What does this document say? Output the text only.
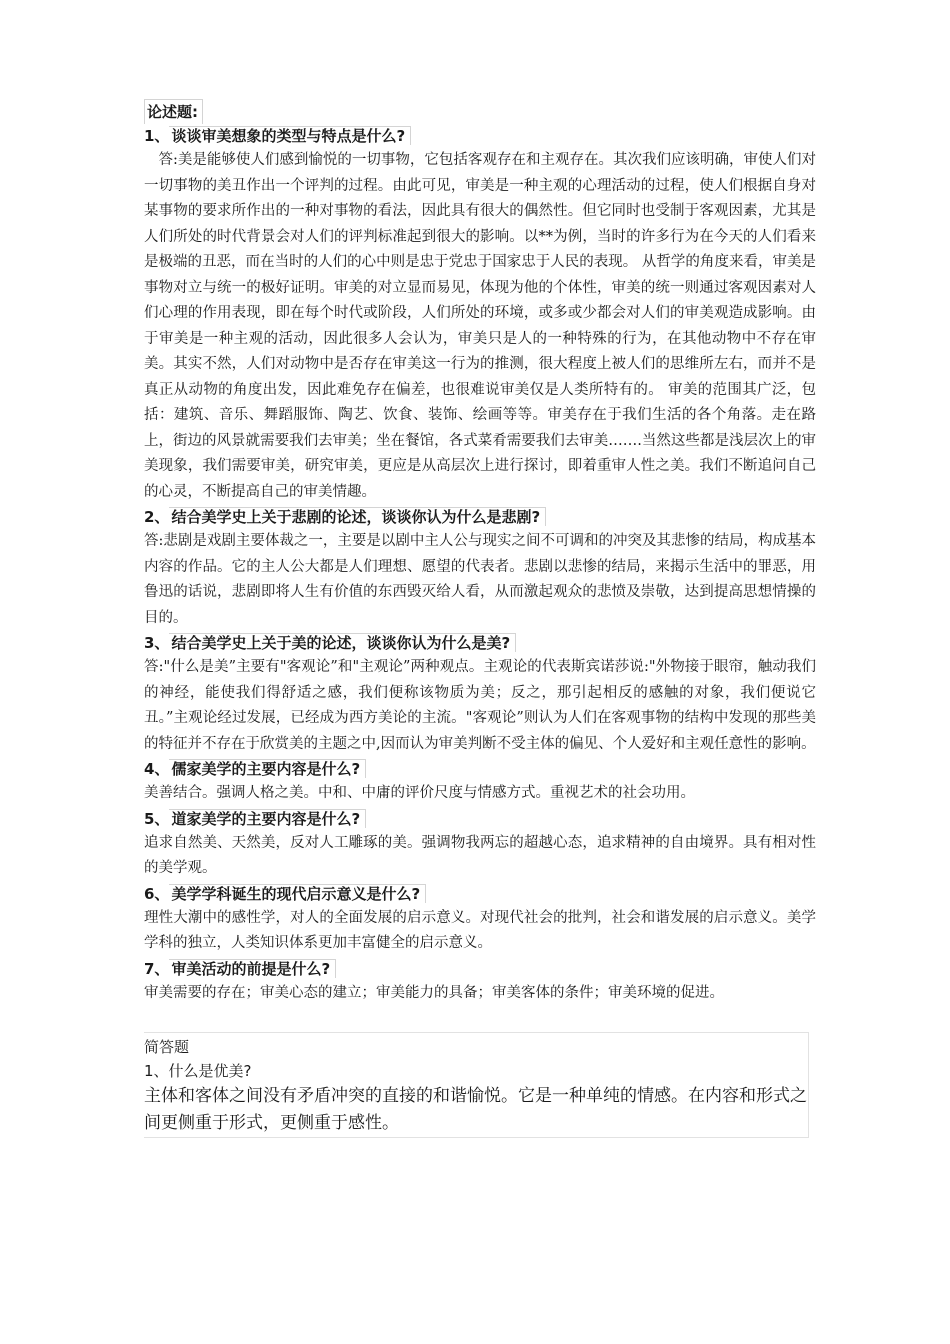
论述题:
1、 谈谈审美想象的类型与特点是什么?

答:美是能够使人们感到愉悦的一切事物，它包括客观存在和主观存在。其次我们应该明确，审使人们对一切事物的美丑作出一个评判的过程。由此可见，审美是一种主观的心理活动的过程，使人们根据自身对某事物的要求所作出的一种对事物的看法，因此具有很大的偶然性。但它同时也受制于客观因素，尤其是人们所处的时代背景会对人们的评判标准起到很大的影响。以**为例，当时的许多行为在今天的人们看来是极端的丑恶，而在当时的人们的心中则是忠于党忠于国家忠于人民的表现。 从哲学的角度来看，审美是事物对立与统一的极好证明。审美的对立显而易见，体现为他的个体性，审美的统一则通过客观因素对人们心理的作用表现，即在每个时代或阶段，人们所处的环境，或多或少都会对人们的审美观造成影响。由于审美是一种主观的活动，因此很多人会认为，审美只是人的一种特殊的行为，在其他动物中不存在审美。其实不然，人们对动物中是否存在审美这一行为的推测，很大程度上被人们的思维所左右，而并不是真正从动物的角度出发，因此难免存在偏差，也很难说审美仅是人类所特有的。 审美的范围其广泛，包括：建筑、音乐、舞蹈服饰、陶艺、饮食、装饰、绘画等等。审美存在于我们生活的各个角落。走在路上，街边的风景就需要我们去审美；坐在餐馆，各式菜肴需要我们去审美…….当然这些都是浅层次上的审美现象，我们需要审美，研究审美，更应是从高层次上进行探讨，即着重审人性之美。我们不断追问自己的心灵，不断提高自己的审美情趣。

2、 结合美学史上关于悲剧的论述，谈谈你认为什么是悲剧?

答:悲剧是戏剧主要体裁之一，主要是以剧中主人公与现实之间不可调和的冲突及其悲惨的结局，构成基本内容的作品。它的主人公大都是人们理想、愿望的代表者。悲剧以悲惨的结局，来揭示生活中的罪恶，用鲁迅的话说，悲剧即将人生有价值的东西毁灭给人看，从而激起观众的悲愤及崇敬，达到提高思想情操的目的。

3、 结合美学史上关于美的论述，谈谈你认为什么是美?

答:"什么是美”主要有"客观论”和"主观论”两种观点。主观论的代表斯宾诺莎说:"外物接于眼帘，触动我们的神经，能使我们得舒适之感，我们便称该物质为美；反之，那引起相反的感触的对象，我们便说它丑。”主观论经过发展，已经成为西方美论的主流。"客观论”则认为人们在客观事物的结构中发现的那些美的特征并不存在于欣赏美的主题之中,因而认为审美判断不受主体的偏见、个人爱好和主观任意性的影响。

4、 儒家美学的主要内容是什么?

美善结合。强调人格之美。中和、中庸的评价尺度与情感方式。重视艺术的社会功用。

5、 道家美学的主要内容是什么?

追求自然美、天然美，反对人工雕琢的美。强调物我两忘的超越心态，追求精神的自由境界。具有相对性的美学观。

6、 美学学科诞生的现代启示意义是什么?

理性大潮中的感性学，对人的全面发展的启示意义。对现代社会的批判，社会和谐发展的启示意义。美学学科的独立，人类知识体系更加丰富健全的启示意义。

7、 审美活动的前提是什么?

审美需要的存在；审美心态的建立；审美能力的具备；审美客体的条件；审美环境的促进。

简答题
1、什么是优美?

主体和客体之间没有矛盾冲突的直接的和谐愉悦。它是一种单纯的情感。在内容和形式之间更侧重于形式，更侧重于感性。
